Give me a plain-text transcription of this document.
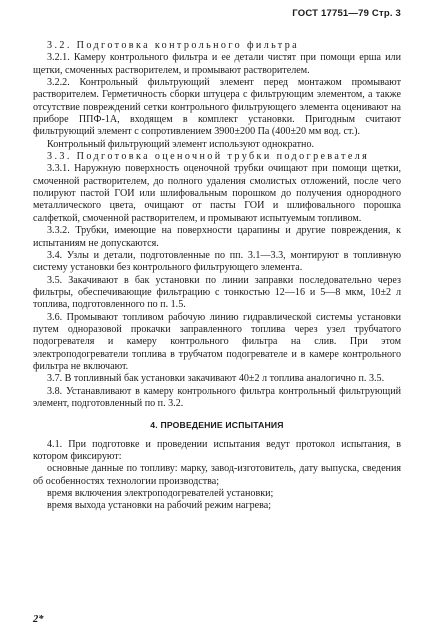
ГОСТ 17751—79 Стр. 3

3.2. Подготовка контрольного фильтра

3.2.1. Камеру контрольного фильтра и ее детали чистят при помощи ерша или щетки, смоченных растворителем, и промывают растворителем.

3.2.2. Контрольный фильтрующий элемент перед монтажом промывают растворителем. Герметичность сборки штуцера с фильтрующим элементом, а также отсутствие повреждений сетки контрольного фильтрующего элемента оценивают на приборе ППФ-1А, входящем в комплект установки. Пригодным считают фильтрующий элемент с сопротивлением 3900±200 Па (400±20 мм вод. ст.).

Контрольный фильтрующий элемент используют однократно.

3.3. Подготовка оценочной трубки подогревателя

3.3.1. Наружную поверхность оценочной трубки очищают при помощи щетки, смоченной растворителем, до полного удаления смолистых отложений, после чего полируют пастой ГОИ или шлифовальным порошком до получения однородного металлического цвета, очищают от пасты ГОИ и шлифовального порошка салфеткой, смоченной растворителем, и промывают испытуемым топливом.

3.3.2. Трубки, имеющие на поверхности царапины и другие повреждения, к испытаниям не допускаются.

3.4. Узлы и детали, подготовленные по пп. 3.1—3.3, монтируют в топливную систему установки без контрольного фильтрующего элемента.

3.5. Закачивают в бак установки по линии заправки последовательно через фильтры, обеспечивающие фильтрацию с тонкостью 12—16 и 5—8 мкм, 10±2 л топлива, подготовленного по п. 1.5.

3.6. Промывают топливом рабочую линию гидравлической системы установки путем одноразовой прокачки заправленного топлива через узел трубчатого подогревателя и камеру контрольного фильтра на слив. При этом электроподогреватели топлива в трубчатом подогревателе и в камере контрольного фильтра не включают.

3.7. В топливный бак установки закачивают 40±2 л топлива аналогично п. 3.5.

3.8. Устанавливают в камеру контрольного фильтра контрольный фильтрующий элемент, подготовленный по п. 3.2.

4. ПРОВЕДЕНИЕ ИСПЫТАНИЯ

4.1. При подготовке и проведении испытания ведут протокол испытания, в котором фиксируют:

основные данные по топливу: марку, завод-изготовитель, дату выпуска, сведения об особенностях технологии производства;

время включения электроподогревателей установки;

время выхода установки на рабочий режим нагрева;

2*
